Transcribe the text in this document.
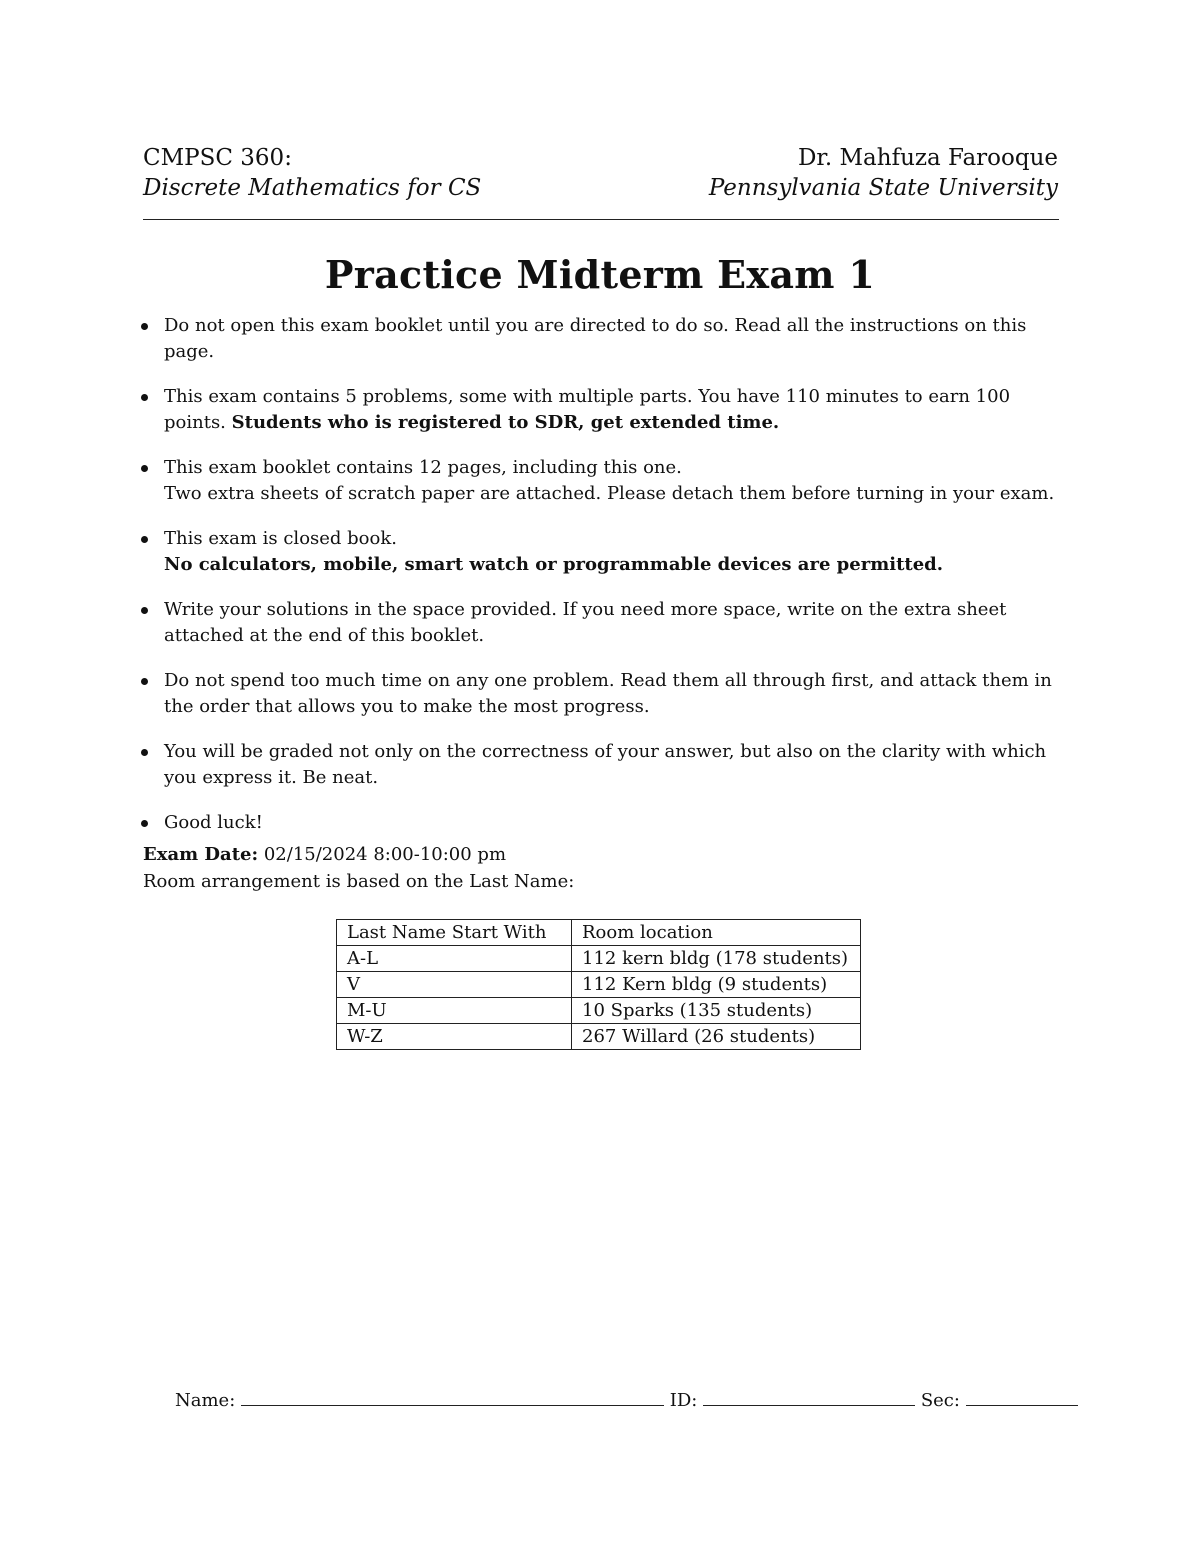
CMPSC 360:
Discrete Mathematics for CS
Dr. Mahfuza Farooque
Pennsylvania State University
Practice Midterm Exam 1
Do not open this exam booklet until you are directed to do so. Read all the instructions on this page.
This exam contains 5 problems, some with multiple parts. You have 110 minutes to earn 100 points. Students who is registered to SDR, get extended time.
This exam booklet contains 12 pages, including this one.
Two extra sheets of scratch paper are attached. Please detach them before turning in your exam.
This exam is closed book.
No calculators, mobile, smart watch or programmable devices are permitted.
Write your solutions in the space provided. If you need more space, write on the extra sheet attached at the end of this booklet.
Do not spend too much time on any one problem. Read them all through first, and attack them in the order that allows you to make the most progress.
You will be graded not only on the correctness of your answer, but also on the clarity with which you express it. Be neat.
Good luck!
Exam Date: 02/15/2024 8:00-10:00 pm
Room arrangement is based on the Last Name:
Last Name Start With	Room location
A-L	112 kern bldg (178 students)
V	112 Kern bldg (9 students)
M-U	10 Sparks (135 students)
W-Z	267 Willard (26 students)
Name:	ID:	Sec:
